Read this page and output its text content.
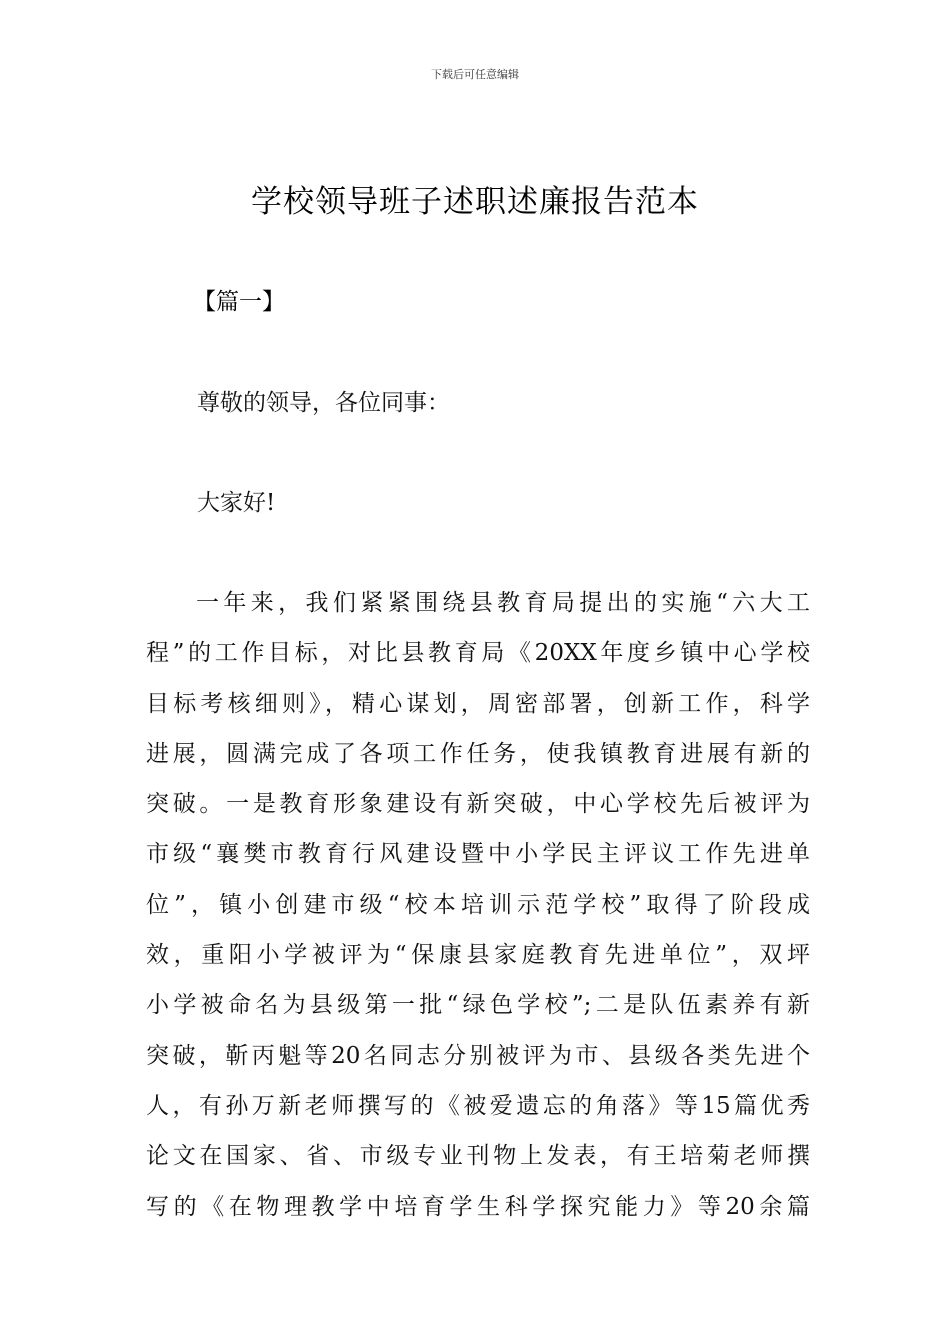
下载后可任意编辑
学校领导班子述职述廉报告范本
【篇一】
尊敬的领导，各位同事：
大家好!
一年来，我们紧紧围绕县教育局提出的实施“六大工
程”的工作目标，对比县教育局《20XX年度乡镇中心学校
目标考核细则》，精心谋划，周密部署，创新工作，科学
进展，圆满完成了各项工作任务，使我镇教育进展有新的
突破。一是教育形象建设有新突破，中心学校先后被评为
市级“襄樊市教育行风建设暨中小学民主评议工作先进单
位”，镇小创建市级“校本培训示范学校”取得了阶段成
效，重阳小学被评为“保康县家庭教育先进单位”，双坪
小学被命名为县级第一批“绿色学校”;二是队伍素养有新
突破，靳丙魁等20名同志分别被评为市、县级各类先进个
人，有孙万新老师撰写的《被爱遗忘的角落》等15篇优秀
论文在国家、省、市级专业刊物上发表，有王培菊老师撰
写的《在物理教学中培育学生科学探究能力》等20余篇
